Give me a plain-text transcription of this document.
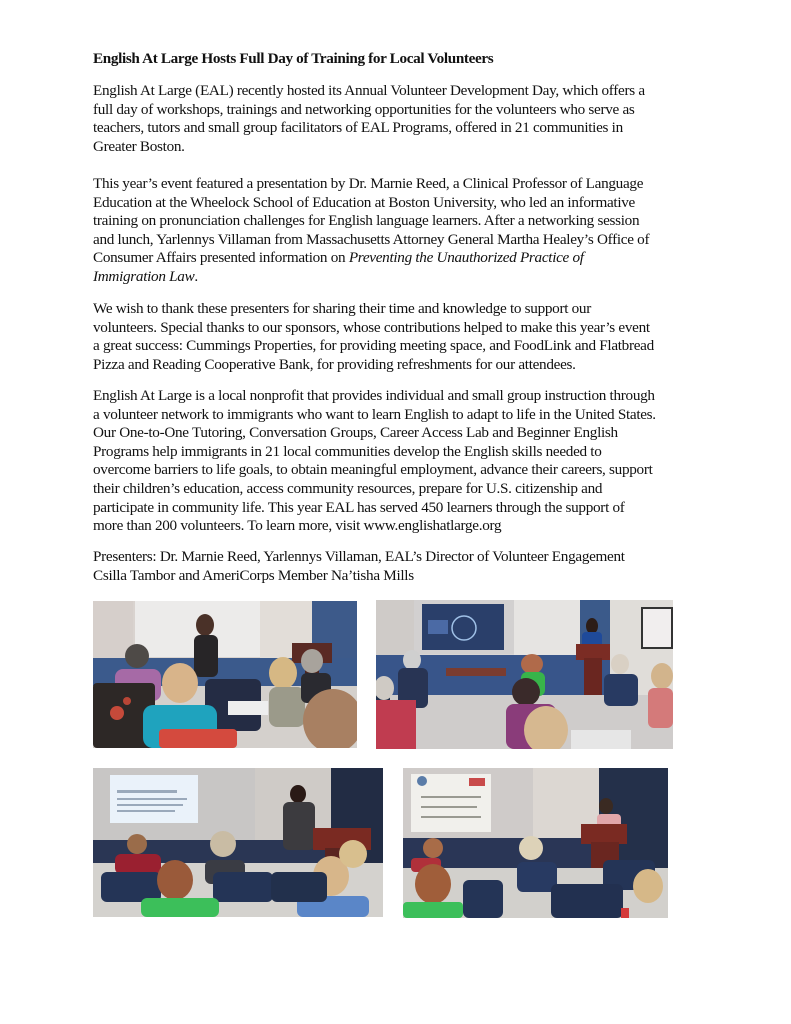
English At Large Hosts Full Day of Training for Local Volunteers
English At Large (EAL) recently hosted its Annual Volunteer Development Day, which offers a
full day of workshops, trainings and networking opportunities for the volunteers who serve as
teachers, tutors and small group facilitators of EAL Programs, offered in 21 communities in
Greater Boston.
This year’s event featured a presentation by Dr. Marnie Reed, a Clinical Professor of Language
Education at the Wheelock School of Education at Boston University, who led an informative
training on pronunciation challenges for English language learners. After a networking session
and lunch, Yarlennys Villaman from Massachusetts Attorney General Martha Healey’s Office of
Consumer Affairs presented information on Preventing the Unauthorized Practice of
Immigration Law.
We wish to thank these presenters for sharing their time and knowledge to support our
volunteers. Special thanks to our sponsors, whose contributions helped to make this year’s event
a great success: Cummings Properties, for providing meeting space, and FoodLink and Flatbread
Pizza and Reading Cooperative Bank, for providing refreshments for our attendees.
English At Large is a local nonprofit that provides individual and small group instruction through
a volunteer network to immigrants who want to learn English to adapt to life in the United States.
Our One-to-One Tutoring, Conversation Groups, Career Access Lab and Beginner English
Programs help immigrants in 21 local communities develop the English skills needed to
overcome barriers to life goals, to obtain meaningful employment, advance their careers, support
their children’s education, access community resources, prepare for U.S. citizenship and
participate in community life. This year EAL has served 450 learners through the support of
more than 200 volunteers. To learn more, visit www.englishatlarge.org
Presenters: Dr. Marnie Reed, Yarlennys Villaman, EAL’s Director of Volunteer Engagement
Csilla Tambor and AmeriCorps Member Na’tisha Mills
